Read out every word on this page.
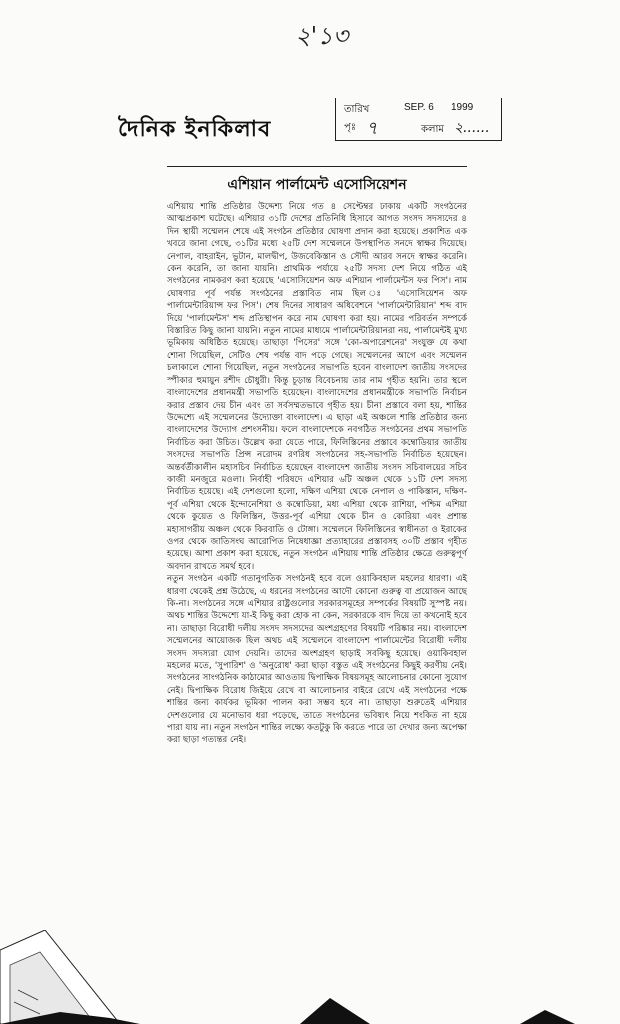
২‌'১৩
দৈনিক ইনকিলাব
তারিখ	SEP. 6 1999
পৃঃ ৭	কলাম ২......
এশিয়ান পার্লামেন্ট এসোসিয়েশন

এশিয়ায় শান্তি প্রতিষ্ঠার উদ্দেশ্য নিয়ে গত ৪ সেপ্টেম্বর ঢাকায় একটি সংগঠনের আত্মপ্রকাশ ঘটেছে। এশিয়ার ৩১টি দেশের প্রতিনিধি হিসাবে আগত সংসদ সদস্যদের ৪ দিন স্থায়ী সম্মেলন শেষে এই সংগঠন প্রতিষ্ঠার ঘোষণা প্রদান করা হয়েছে। প্রকাশিত এক খবরে জানা গেছে, ৩১টির মধ্যে ২৫টি দেশ সম্মেলনে উপস্থাপিত সনদে স্বাক্ষর দিয়েছে। নেপাল, বাহরাইন, ভুটান, মালদ্বীপ, উজবেকিস্তান ও সৌদী আরব সনদে স্বাক্ষর করেনি। কেন করেনি, তা জানা যায়নি। প্রাথমিক পর্যায়ে ২৫টি সদস্য দেশ নিয়ে গঠিত এই সংগঠনের নামকরণ করা হয়েছে 'এসোসিয়েশন অফ এশিয়ান পার্লামেন্টস ফর পিস'। নাম ঘোষণার পূর্ব পর্যন্ত সংগঠনের প্রস্তাবিত নাম ছিল ঃ 'এসোসিয়েশন অফ পার্লামেন্টারিয়ান্স ফর পিস'। শেষ দিনের সাধারণ অধিবেশনে 'পার্লামেন্টারিয়ান' শব্দ বাদ দিয়ে 'পার্লামেন্টস' শব্দ প্রতিস্থাপন করে নাম ঘোষণা করা হয়। নামের পরিবর্তন সম্পর্কে বিস্তারিত কিছু জানা যায়নি। নতুন নামের মাধ্যমে পার্লামেন্টারিয়ানরা নয়, পার্লামেন্টই মুখ্য ভূমিকায় অধিষ্ঠিত হয়েছে। তাছাড়া 'পিসের' সঙ্গে 'কো-অপারেশনের' সংযুক্ত যে কথা শোনা গিয়েছিল, সেটিও শেষ পর্যন্ত বাদ পড়ে গেছে। সম্মেলনের আগে এবং সম্মেলন চলাকালে শোনা গিয়েছিল, নতুন সংগঠনের সভাপতি হবেন বাংলাদেশ জাতীয় সংসদের স্পীকার হুমায়ুন রশীদ চৌধুরী। কিন্তু চূড়ান্ত বিবেচনায় তার নাম গৃহীত হয়নি। তার স্থলে বাংলাদেশের প্রধানমন্ত্রী সভাপতি হয়েছেন। বাংলাদেশের প্রধানমন্ত্রীকে সভাপতি নির্বাচন করার প্রস্তাব দেয় চীন এবং তা সর্বসম্মতভাবে গৃহীত হয়। চীনা প্রস্তাবে বলা হয়, শান্তির উদ্দেশ্যে এই সম্মেলনের উদ্যোক্তা বাংলাদেশ। এ ছাড়া এই অঞ্চলে শান্তি প্রতিষ্ঠার জন্য বাংলাদেশের উদ্যোগ প্রশংসনীয়। ফলে বাংলাদেশকে নবগঠিত সংগঠনের প্রথম সভাপতি নির্বাচিত করা উচিত। উল্লেখ করা যেতে পারে, ফিলিস্তিনের প্রস্তাবে কম্বোডিয়ার জাতীয় সংসদের সভাপতি প্রিন্স নরোদম রণরিধ সংগঠনের সহ-সভাপতি নির্বাচিত হয়েছেন। অন্তর্বর্তীকালীন মহাসচিব নির্বাচিত হয়েছেন বাংলাদেশ জাতীয় সংসদ সচিবালয়ের সচিব কাজী মনজুরে মওলা। নির্বাহী পরিষদে এশিয়ার ৬টি অঞ্চল থেকে ১১টি দেশ সদস্য নির্বাচিত হয়েছে। এই দেশগুলো হলো, দক্ষিণ এশিয়া থেকে নেপাল ও পাকিস্তান, দক্ষিণ-পূর্ব এশিয়া থেকে ইন্দোনেশিয়া ও কম্বোডিয়া, মধ্য এশিয়া থেকে রাশিয়া, পশ্চিম এশিয়া থেকে কুয়েত ও ফিলিস্তিন, উত্তর-পূর্ব এশিয়া থেকে চীন ও কোরিয়া এবং প্রশান্ত মহাসাগরীয় অঞ্চল থেকে কিরবাতি ও টোঙ্গা। সম্মেলনে ফিলিস্তিনের স্বাধীনতা ও ইরাকের ওপর থেকে জাতিসংঘ আরোপিত নিষেধাজ্ঞা প্রত্যাহারের প্রস্তাবসহ ৩০টি প্রস্তাব গৃহীত হয়েছে। আশা প্রকাশ করা হয়েছে, নতুন সংগঠন এশিয়ায় শান্তি প্রতিষ্ঠার ক্ষেত্রে গুরুত্বপূর্ণ অবদান রাখতে সমর্থ হবে।

নতুন সংগঠন একটি গতানুগতিক সংগঠনই হবে বলে ওয়াকিবহাল মহলের ধারণা। এই ধারণা থেকেই প্রশ্ন উঠেছে, এ ধরনের সংগঠনের আদৌ কোনো গুরুত্ব বা প্রয়োজন আছে কি-না। সংগঠনের সঙ্গে এশিয়ার রাষ্ট্রগুলোর সরকারসমূহের সম্পর্কের বিষয়টি সুস্পষ্ট নয়। অথচ শান্তির উদ্দেশ্যে যা-ই কিছু করা হোক না কেন, সরকারকে বাদ দিয়ে তা কখনোই হবে না। তাছাড়া বিরোধী দলীয় সংসদ সদস্যদের অংশগ্রহণের বিষয়টি পরিষ্কার নয়। বাংলাদেশ সম্মেলনের আয়োজক ছিল অথচ এই সম্মেলনে বাংলাদেশ পার্লামেন্টের বিরোধী দলীয় সংসদ সদস্যরা যোগ দেয়নি। তাদের অংশগ্রহণ ছাড়াই সবকিছু হয়েছে। ওয়াকিবহাল মহলের মতে, 'সুপারিশ' ও 'অনুরোধ' করা ছাড়া বস্তুত এই সংগঠনের কিছুই করণীয় নেই। সংগঠনের সাংগঠনিক কাঠামোর আওতায় দ্বিপাক্ষিক বিষয়সমূহ আলোচনার কোনো সুযোগ নেই। দ্বিপাক্ষিক বিরোধ জিইয়ে রেখে বা আলোচনার বাইরে রেখে এই সংগঠনের পক্ষে শান্তির জন্য কার্যকর ভূমিকা পালন করা সম্ভব হবে না। তাছাড়া শুরুতেই এশিয়ার দেশগুলোর যে মনোভাব ধরা পড়েছে, তাতে সংগঠনের ভবিষ্যৎ নিয়ে শংকিত না হয়ে পারা যায় না। নতুন সংগঠন শান্তির লক্ষ্যে কতটুকু কি করতে পারে তা দেখার জন্য অপেক্ষা করা ছাড়া গত্যন্তর নেই।
